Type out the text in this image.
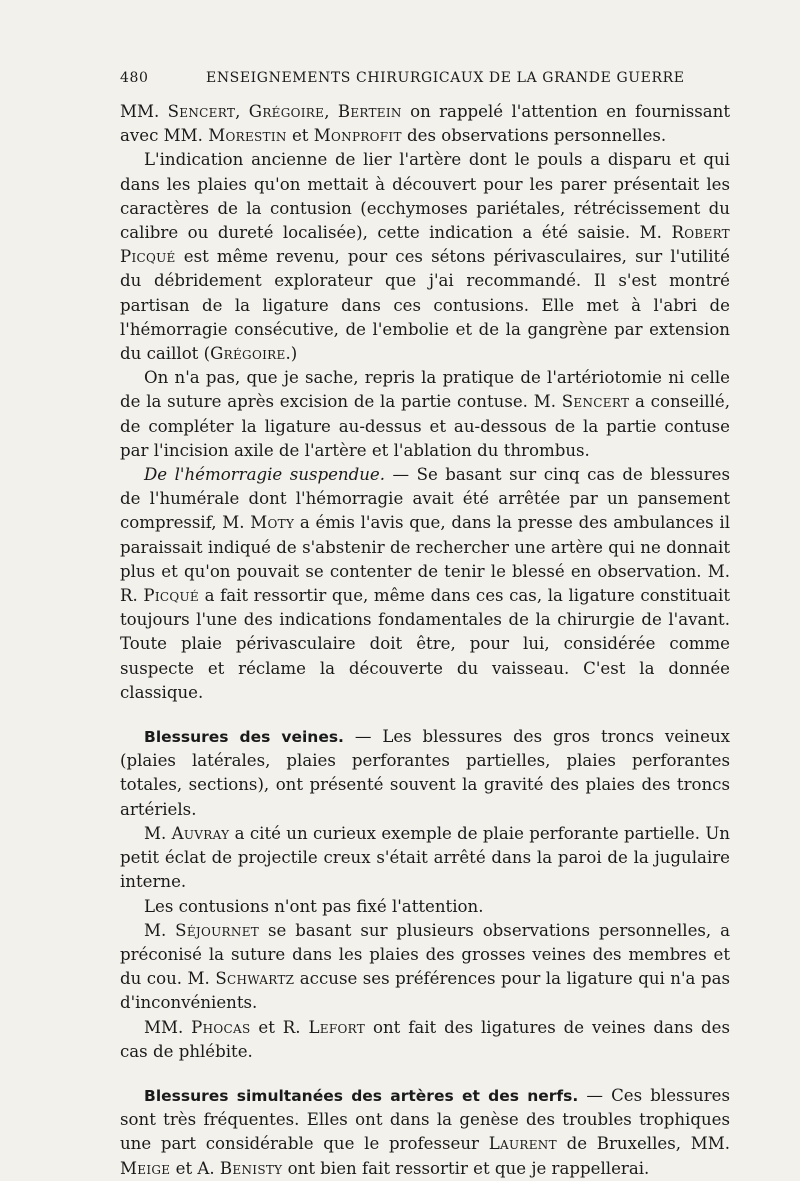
480	ENSEIGNEMENTS CHIRURGICAUX DE LA GRANDE GUERRE

MM. Sencert, Grégoire, Bertein on rappelé l'attention en fournissant avec MM. Morestin et Monprofit des observations personnelles.

L'indication ancienne de lier l'artère dont le pouls a disparu et qui dans les plaies qu'on mettait à découvert pour les parer présentait les caractères de la contusion (ecchymoses pariétales, rétrécissement du calibre ou dureté localisée), cette indication a été saisie. M. Robert Picqué est même revenu, pour ces sétons périvasculaires, sur l'utilité du débridement explorateur que j'ai recommandé. Il s'est montré partisan de la ligature dans ces contusions. Elle met à l'abri de l'hémorragie consécutive, de l'embolie et de la gangrène par extension du caillot (Grégoire.)

On n'a pas, que je sache, repris la pratique de l'artériotomie ni celle de la suture après excision de la partie contuse. M. Sencert a conseillé, de compléter la ligature au-dessus et au-dessous de la partie contuse par l'incision axile de l'artère et l'ablation du thrombus.

De l'hémorragie suspendue. — Se basant sur cinq cas de blessures de l'humérale dont l'hémorragie avait été arrêtée par un pansement compressif, M. Moty a émis l'avis que, dans la presse des ambulances il paraissait indiqué de s'abstenir de rechercher une artère qui ne donnait plus et qu'on pouvait se contenter de tenir le blessé en observation. M. R. Picqué a fait ressortir que, même dans ces cas, la ligature constituait toujours l'une des indications fondamentales de la chirurgie de l'avant. Toute plaie périvasculaire doit être, pour lui, considérée comme suspecte et réclame la découverte du vaisseau. C'est la donnée classique.

Blessures des veines. — Les blessures des gros troncs veineux (plaies latérales, plaies perforantes partielles, plaies perforantes totales, sections), ont présenté souvent la gravité des plaies des troncs artériels.

M. Auvray a cité un curieux exemple de plaie perforante partielle. Un petit éclat de projectile creux s'était arrêté dans la paroi de la jugulaire interne.

Les contusions n'ont pas fixé l'attention.

M. Séjournet se basant sur plusieurs observations personnelles, a préconisé la suture dans les plaies des grosses veines des membres et du cou. M. Schwartz accuse ses préférences pour la ligature qui n'a pas d'inconvénients.

MM. Phocas et R. Lefort ont fait des ligatures de veines dans des cas de phlébite.

Blessures simultanées des artères et des nerfs. — Ces blessures sont très fréquentes. Elles ont dans la genèse des troubles trophiques une part considérable que le professeur Laurent de Bruxelles, MM. Meige et A. Benisty ont bien fait ressortir et que je rappellerai.
